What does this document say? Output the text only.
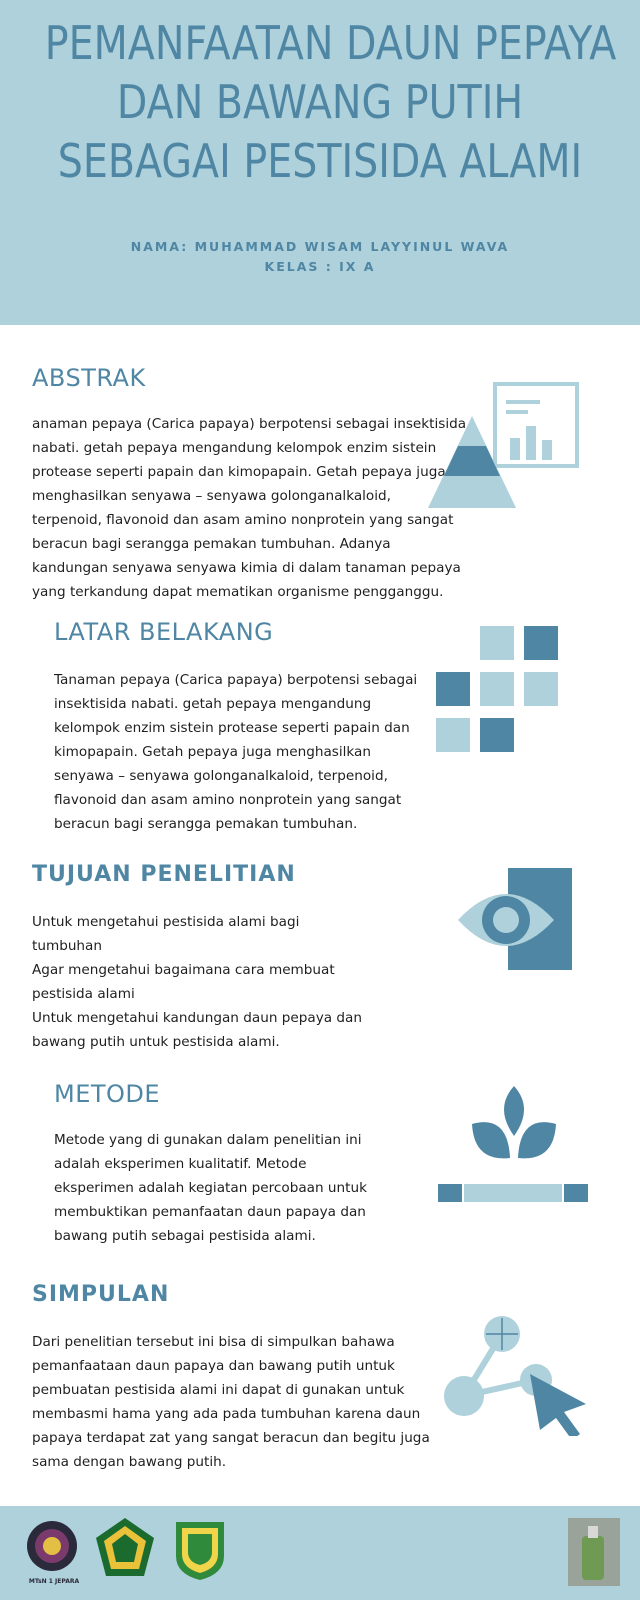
PEMANFAATAN DAUN PEPAYA
DAN BAWANG PUTIH
SEBAGAI PESTISIDA ALAMI
NAMA: MUHAMMAD WISAM LAYYINUL WAVA
KELAS : IX A
ABSTRAK
anaman pepaya (Carica papaya) berpotensi sebagai insektisida
nabati. getah pepaya mengandung kelompok enzim sistein
protease seperti papain dan kimopapain. Getah pepaya juga
menghasilkan senyawa – senyawa golonganalkaloid,
terpenoid, flavonoid dan asam amino nonprotein yang sangat
beracun bagi serangga pemakan tumbuhan. Adanya
kandungan senyawa senyawa kimia di dalam tanaman pepaya
yang terkandung dapat mematikan organisme pengganggu.
LATAR BELAKANG
Tanaman pepaya (Carica papaya) berpotensi sebagai
insektisida nabati. getah pepaya mengandung
kelompok enzim sistein protease seperti papain dan
kimopapain. Getah pepaya juga menghasilkan
senyawa – senyawa golonganalkaloid, terpenoid,
flavonoid dan asam amino nonprotein yang sangat
beracun bagi serangga pemakan tumbuhan.
TUJUAN PENELITIAN
Untuk mengetahui pestisida alami bagi
tumbuhan
Agar mengetahui bagaimana cara membuat
pestisida alami
Untuk mengetahui kandungan daun pepaya dan
bawang putih untuk pestisida alami.
METODE
Metode yang di gunakan dalam penelitian ini
adalah eksperimen kualitatif. Metode
eksperimen adalah kegiatan percobaan untuk
membuktikan pemanfaatan daun papaya dan
bawang putih sebagai pestisida alami.
SIMPULAN
Dari penelitian tersebut ini bisa di simpulkan bahawa
pemanfaataan daun papaya dan bawang putih untuk
pembuatan pestisida alami ini dapat di gunakan untuk
membasmi hama yang ada pada tumbuhan karena daun
papaya terdapat zat yang sangat beracun dan begitu juga
sama dengan bawang putih.
MTsN 1 JEPARA
